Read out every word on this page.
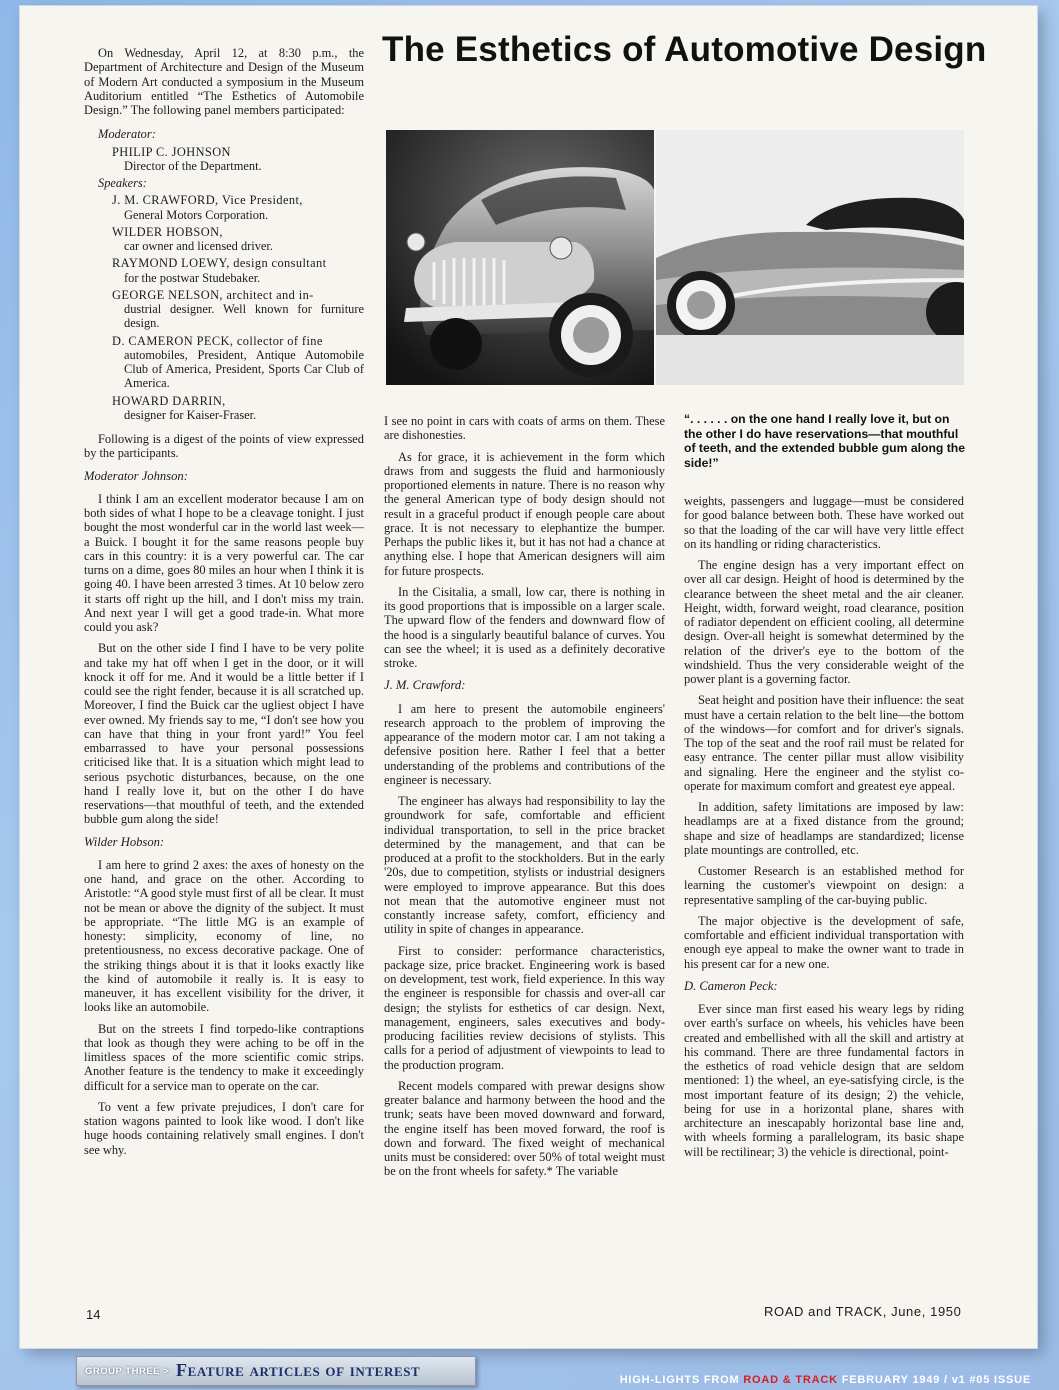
The Esthetics of Automotive Design

On Wednesday, April 12, at 8:30 p.m., the Department of Architecture and Design of the Museum of Modern Art conducted a symposium in the Museum Auditorium entitled “The Esthetics of Automobile Design.” The following panel members participated:

Moderator:
PHILIP C. JOHNSON
Director of the Department.
Speakers:
J. M. CRAWFORD, Vice President,
General Motors Corporation.
WILDER HOBSON,
car owner and licensed driver.
RAYMOND LOEWY, design consultant
for the postwar Studebaker.
GEORGE NELSON, architect and in-
dustrial designer. Well known for furniture design.
D. CAMERON PECK, collector of fine
automobiles, President, Antique Automobile Club of America, President, Sports Car Club of America.
HOWARD DARRIN,
designer for Kaiser-Fraser.

Following is a digest of the points of view expressed by the participants.

Moderator Johnson:

I think I am an excellent moderator because I am on both sides of what I hope to be a cleavage tonight. I just bought the most wonderful car in the world last week—a Buick. I bought it for the same reasons people buy cars in this country: it is a very powerful car. The car turns on a dime, goes 80 miles an hour when I think it is going 40. I have been arrested 3 times. At 10 below zero it starts off right up the hill, and I don't miss my train. And next year I will get a good trade-in. What more could you ask?

But on the other side I find I have to be very polite and take my hat off when I get in the door, or it will knock it off for me. And it would be a little better if I could see the right fender, because it is all scratched up. Moreover, I find the Buick car the ugliest object I have ever owned. My friends say to me, “I don't see how you can have that thing in your front yard!” You feel embarrassed to have your personal possessions criticised like that. It is a situation which might lead to serious psychotic disturbances, because, on the one hand I really love it, but on the other I do have reservations—that mouthful of teeth, and the extended bubble gum along the side!

Wilder Hobson:

I am here to grind 2 axes: the axes of honesty on the one hand, and grace on the other. According to Aristotle: “A good style must first of all be clear. It must not be mean or above the dignity of the subject. It must be appropriate. “The little MG is an example of honesty: simplicity, economy of line, no pretentiousness, no excess decorative package. One of the striking things about it is that it looks exactly like the kind of automobile it really is. It is easy to maneuver, it has excellent visibility for the driver, it looks like an automobile.

But on the streets I find torpedo-like contraptions that look as though they were aching to be off in the limitless spaces of the more scientific comic strips. Another feature is the tendency to make it exceedingly difficult for a service man to operate on the car.

To vent a few private prejudices, I don't care for station wagons painted to look like wood. I don't like huge hoods containing relatively small engines. I don't see why.

I see no point in cars with coats of arms on them. These are dishonesties.

As for grace, it is achievement in the form which draws from and suggests the fluid and harmoniously proportioned elements in nature. There is no reason why the general American type of body design should not result in a graceful product if enough people care about grace. It is not necessary to elephantize the bumper. Perhaps the public likes it, but it has not had a chance at anything else. I hope that American designers will aim for future prospects.

In the Cisitalia, a small, low car, there is nothing in its good proportions that is impossible on a larger scale. The upward flow of the fenders and downward flow of the hood is a singularly beautiful balance of curves. You can see the wheel; it is used as a definitely decorative stroke.

J. M. Crawford:

I am here to present the automobile engineers' research approach to the problem of improving the appearance of the modern motor car. I am not taking a defensive position here. Rather I feel that a better understanding of the problems and contributions of the engineer is necessary.

The engineer has always had responsibility to lay the groundwork for safe, comfortable and efficient individual transportation, to sell in the price bracket determined by the management, and that can be produced at a profit to the stockholders. But in the early '20s, due to competition, stylists or industrial designers were employed to improve appearance. But this does not mean that the automotive engineer must not constantly increase safety, comfort, efficiency and utility in spite of changes in appearance.

First to consider: performance characteristics, package size, price bracket. Engineering work is based on development, test work, field experience. In this way the engineer is responsible for chassis and over-all car design; the stylists for esthetics of car design. Next, management, engineers, sales executives and body-producing facilities review decisions of stylists. This calls for a period of adjustment of viewpoints to lead to the production program.

Recent models compared with prewar designs show greater balance and harmony between the hood and the trunk; seats have been moved downward and forward, the engine itself has been moved forward, the roof is down and forward. The fixed weight of mechanical units must be considered: over 50% of total weight must be on the front wheels for safety.* The variable

“. . . . . . on the one hand I really love it, but on the other I do have reservations—that mouthful of teeth, and the extended bubble gum along the side!”

weights, passengers and luggage—must be considered for good balance between both. These have worked out so that the loading of the car will have very little effect on its handling or riding characteristics.

The engine design has a very important effect on over all car design. Height of hood is determined by the clearance between the sheet metal and the air cleaner. Height, width, forward weight, road clearance, position of radiator dependent on efficient cooling, all determine design. Over-all height is somewhat determined by the relation of the driver's eye to the bottom of the windshield. Thus the very considerable weight of the power plant is a governing factor.

Seat height and position have their influence: the seat must have a certain relation to the belt line—the bottom of the windows—for comfort and for driver's signals. The top of the seat and the roof rail must be related for easy entrance. The center pillar must allow visibility and signaling. Here the engineer and the stylist co-operate for maximum comfort and greatest eye appeal.

In addition, safety limitations are imposed by law: headlamps are at a fixed distance from the ground; shape and size of headlamps are standardized; license plate mountings are controlled, etc.

Customer Research is an established method for learning the customer's viewpoint on design: a representative sampling of the car-buying public.

The major objective is the development of safe, comfortable and efficient individual transportation with enough eye appeal to make the owner want to trade in his present car for a new one.

D. Cameron Peck:

Ever since man first eased his weary legs by riding over earth's surface on wheels, his vehicles have been created and embellished with all the skill and artistry at his command. There are three fundamental factors in the esthetics of road vehicle design that are seldom mentioned: 1) the wheel, an eye-satisfying circle, is the most important feature of its design; 2) the vehicle, being for use in a horizontal plane, shares with architecture an inescapably horizontal base line and, with wheels forming a parallelogram, its basic shape will be rectilinear; 3) the vehicle is directional, point-

14	ROAD and TRACK, June, 1950
GROUP THREE > Feature articles of interest	HIGH-LIGHTS FROM ROAD & TRACK FEBRUARY 1949 / v1 #05 ISSUE
